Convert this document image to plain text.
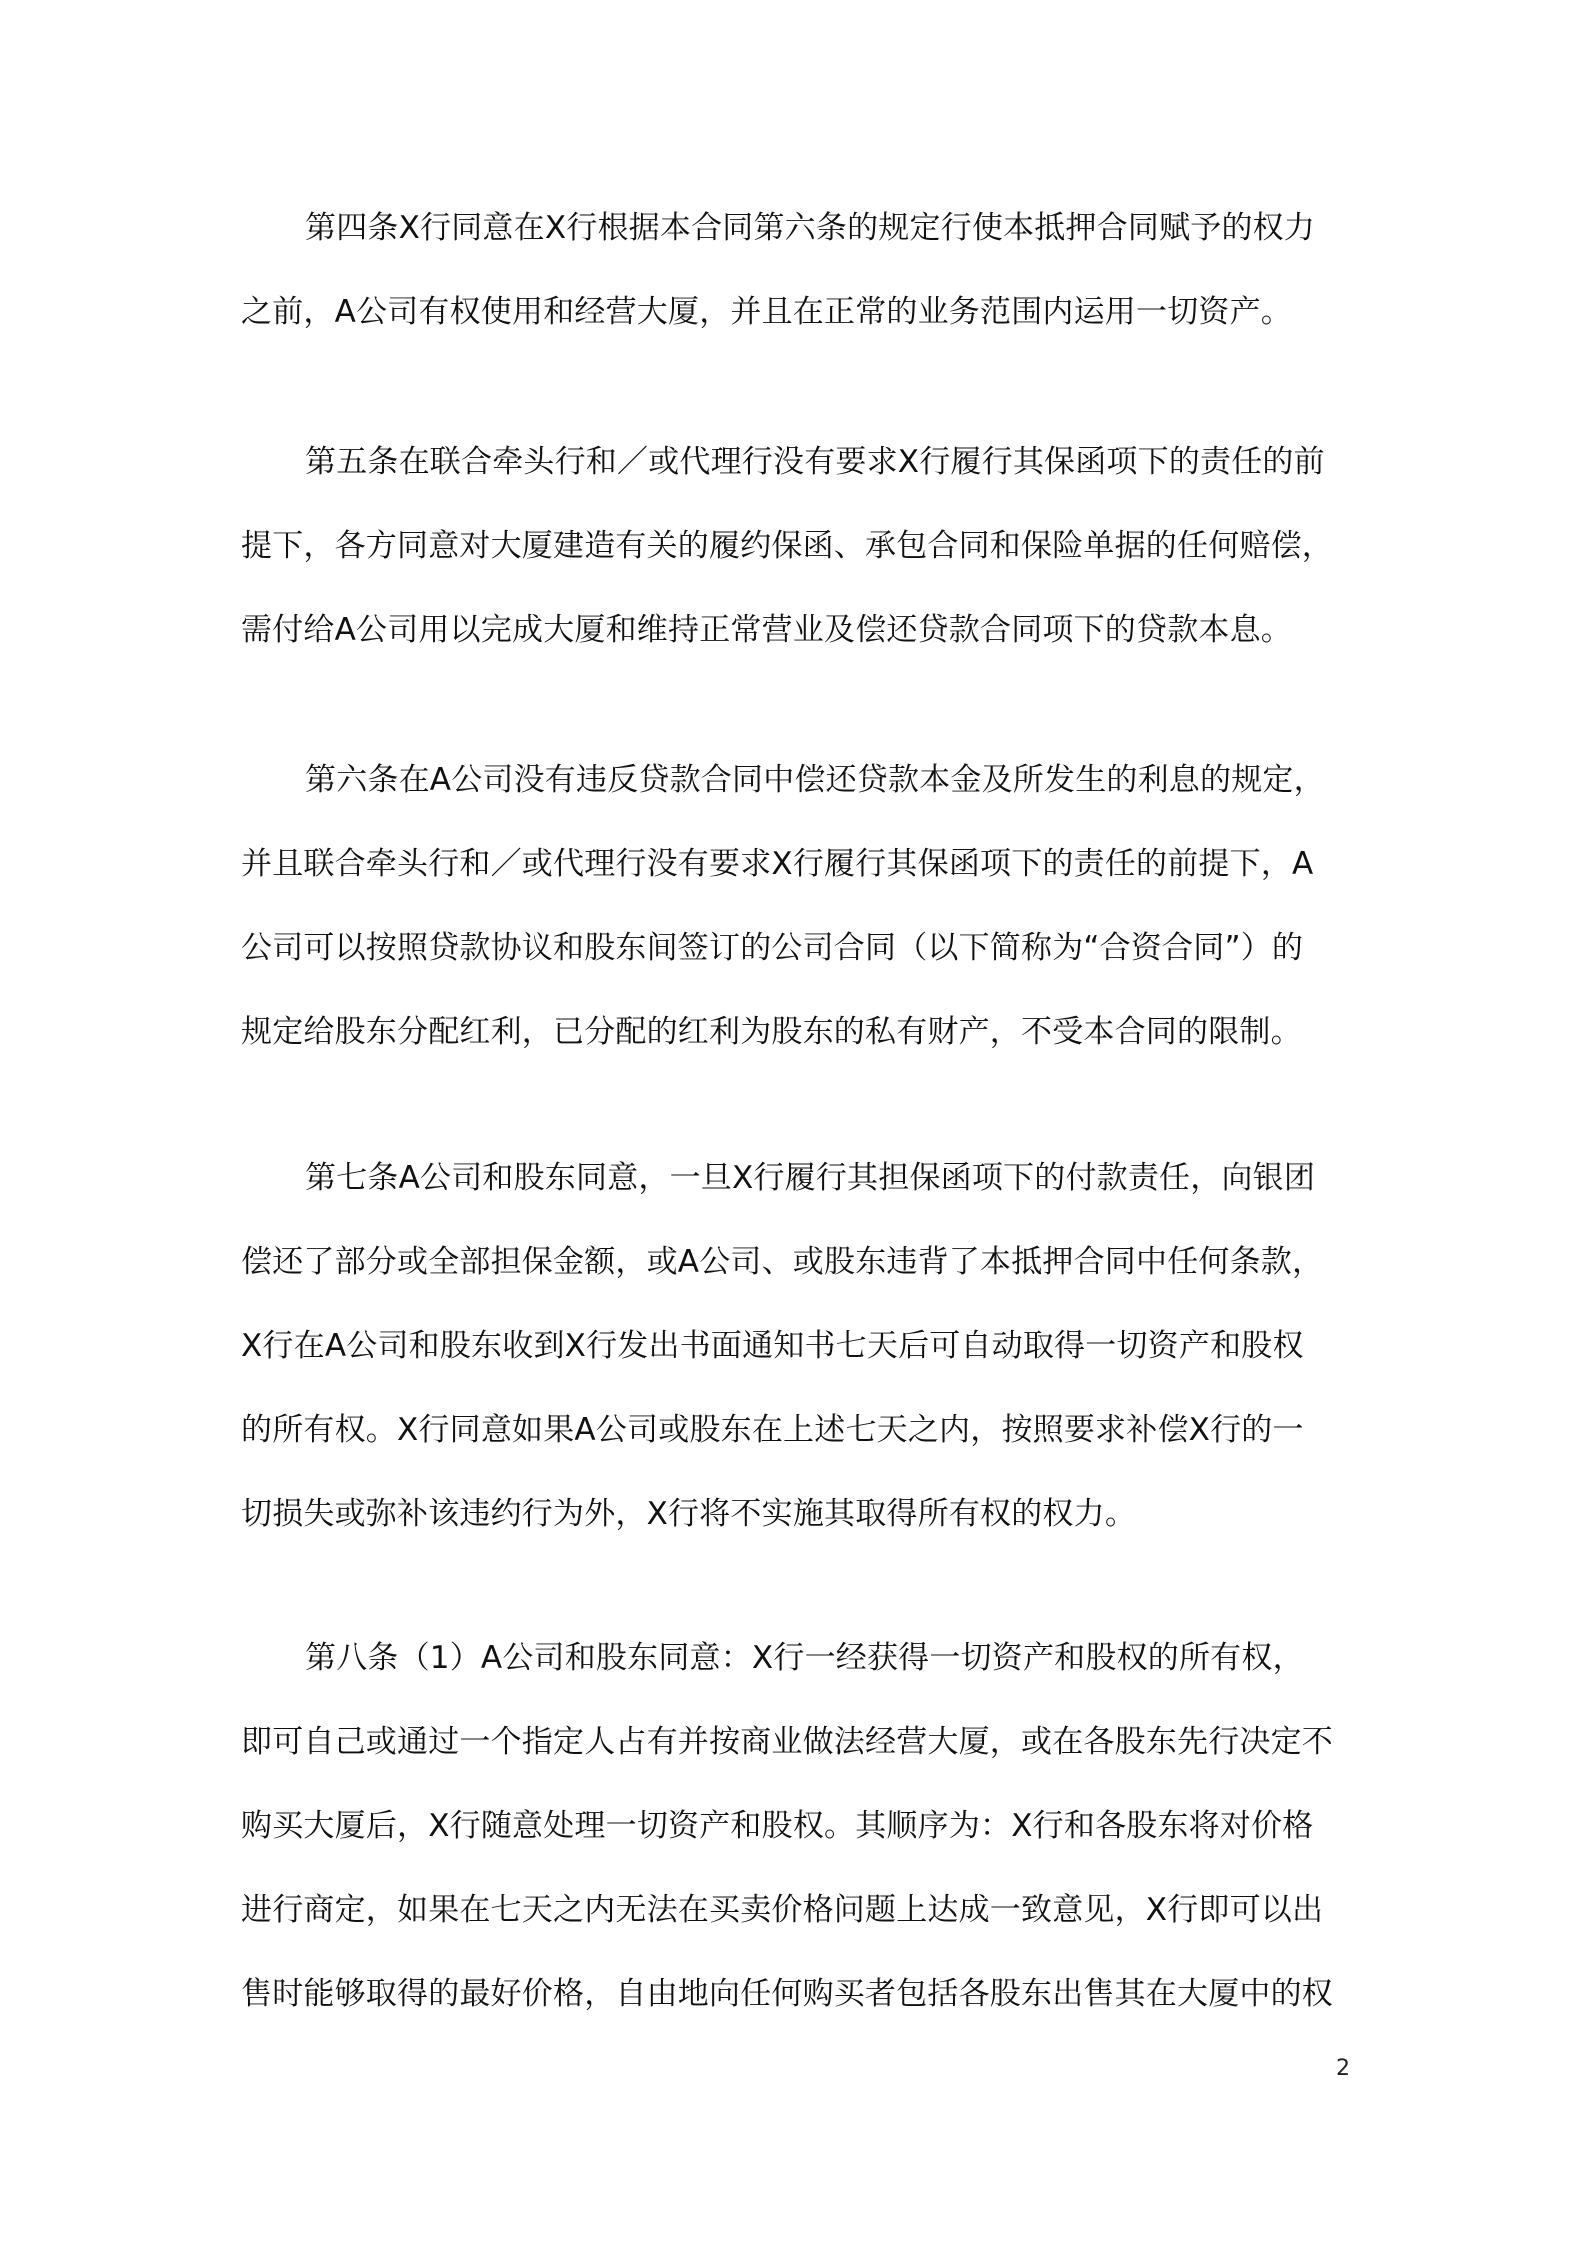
第四条X行同意在X行根据本合同第六条的规定行使本抵押合同赋予的权力
之前，A公司有权使用和经营大厦，并且在正常的业务范围内运用一切资产。
第五条在联合牵头行和／或代理行没有要求X行履行其保函项下的责任的前
提下，各方同意对大厦建造有关的履约保函、承包合同和保险单据的任何赔偿，
需付给A公司用以完成大厦和维持正常营业及偿还贷款合同项下的贷款本息。
第六条在A公司没有违反贷款合同中偿还贷款本金及所发生的利息的规定，
并且联合牵头行和／或代理行没有要求X行履行其保函项下的责任的前提下，A
公司可以按照贷款协议和股东间签订的公司合同（以下简称为“合资合同”）的
规定给股东分配红利，已分配的红利为股东的私有财产，不受本合同的限制。
第七条A公司和股东同意，一旦X行履行其担保函项下的付款责任，向银团
偿还了部分或全部担保金额，或A公司、或股东违背了本抵押合同中任何条款，
X行在A公司和股东收到X行发出书面通知书七天后可自动取得一切资产和股权
的所有权。X行同意如果A公司或股东在上述七天之内，按照要求补偿X行的一
切损失或弥补该违约行为外，X行将不实施其取得所有权的权力。
第八条（1）A公司和股东同意：X行一经获得一切资产和股权的所有权，
即可自己或通过一个指定人占有并按商业做法经营大厦，或在各股东先行决定不
购买大厦后，X行随意处理一切资产和股权。其顺序为：X行和各股东将对价格
进行商定，如果在七天之内无法在买卖价格问题上达成一致意见，X行即可以出
售时能够取得的最好价格，自由地向任何购买者包括各股东出售其在大厦中的权
2
